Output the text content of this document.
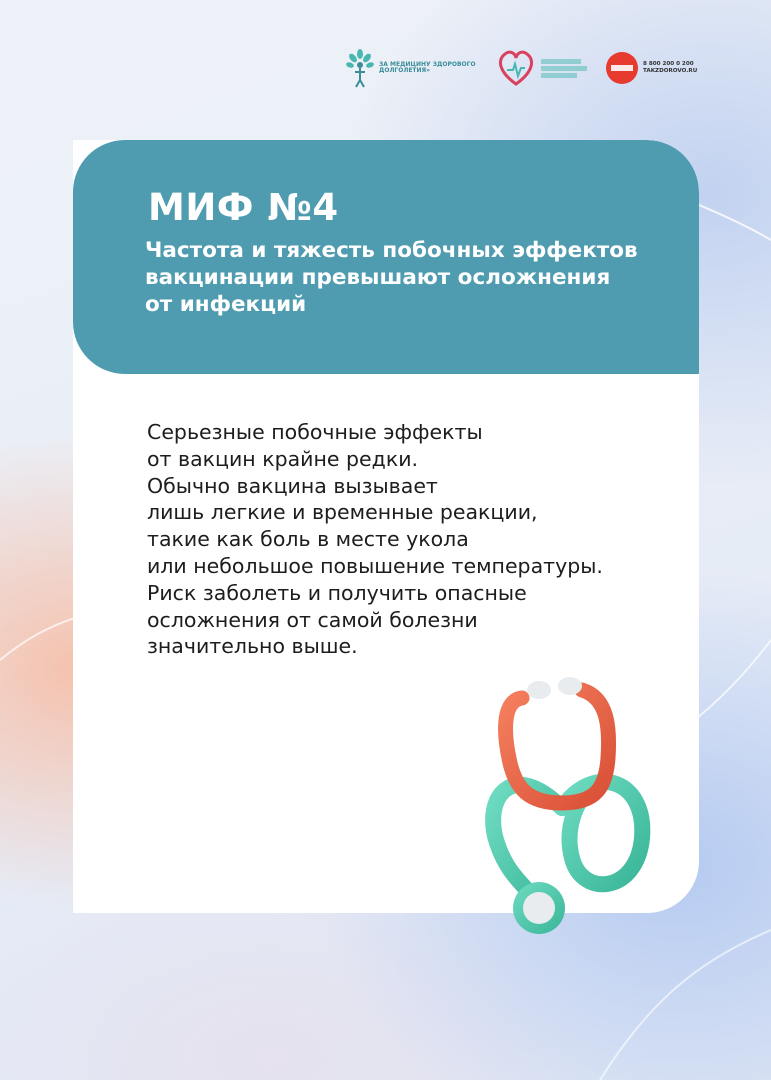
ЗА МЕДИЦИНУ ЗДОРОВОГО ДОЛГОЛЕТИЯ»
8 800 200 0 200
TAKZDOROVO.RU
МИФ №4
Частота и тяжесть побочных эффектов
вакцинации превышают осложнения
от инфекций
Серьезные побочные эффекты
от вакцин крайне редки.
Обычно вакцина вызывает
лишь легкие и временные реакции,
такие как боль в месте укола
или небольшое повышение температуры.
Риск заболеть и получить опасные
осложнения от самой болезни
значительно выше.
